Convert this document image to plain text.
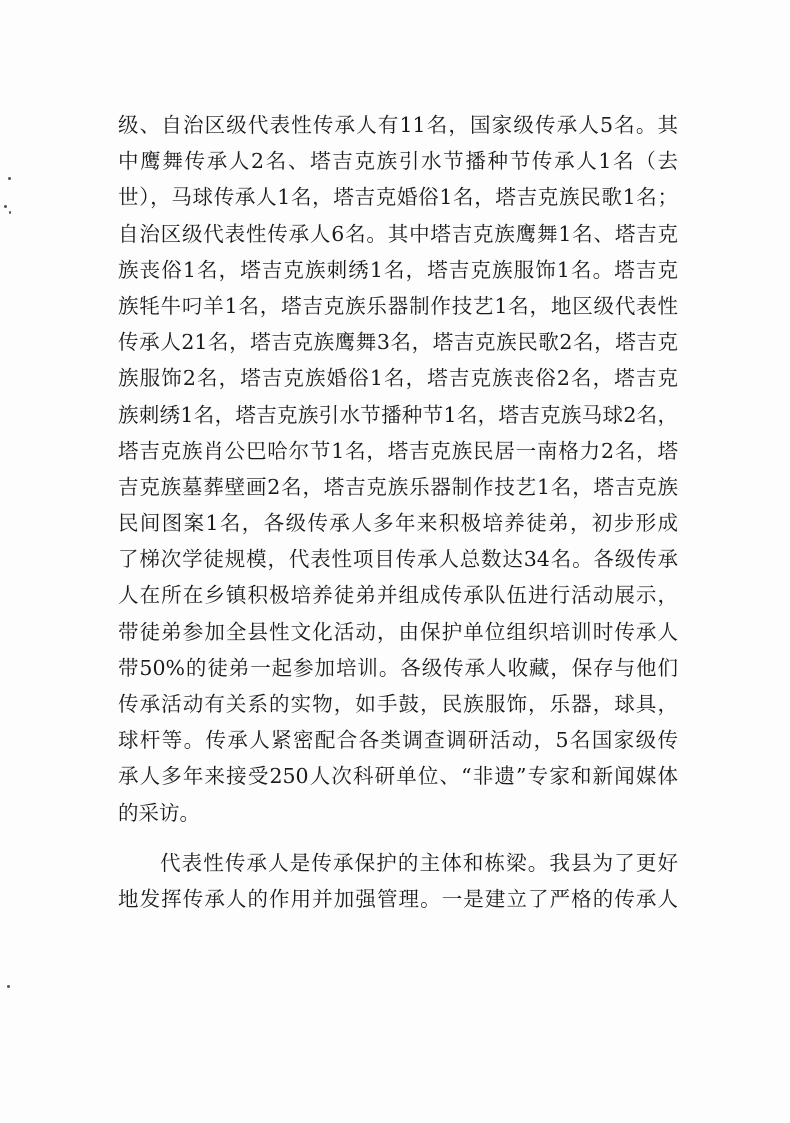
级、自治区级代表性传承人有11名，国家级传承人5名。其
中鹰舞传承人2名、塔吉克族引水节播种节传承人1名（去
世），马球传承人1名，塔吉克婚俗1名，塔吉克族民歌1名；
自治区级代表性传承人6名。其中塔吉克族鹰舞1名、塔吉克
族丧俗1名，塔吉克族刺绣1名，塔吉克族服饰1名。塔吉克
族牦牛叼羊1名，塔吉克族乐器制作技艺1名，地区级代表性
传承人21名，塔吉克族鹰舞3名，塔吉克族民歌2名，塔吉克
族服饰2名，塔吉克族婚俗1名，塔吉克族丧俗2名，塔吉克
族刺绣1名，塔吉克族引水节播种节1名，塔吉克族马球2名，
塔吉克族肖公巴哈尔节1名，塔吉克族民居一南格力2名，塔
吉克族墓葬壁画2名，塔吉克族乐器制作技艺1名，塔吉克族
民间图案1名，各级传承人多年来积极培养徒弟，初步形成
了梯次学徒规模，代表性项目传承人总数达34名。各级传承
人在所在乡镇积极培养徒弟并组成传承队伍进行活动展示，
带徒弟参加全县性文化活动，由保护单位组织培训时传承人
带50%的徒弟一起参加培训。各级传承人收藏，保存与他们
传承活动有关系的实物，如手鼓，民族服饰，乐器，球具，
球杆等。传承人紧密配合各类调查调研活动，5名国家级传
承人多年来接受250人次科研单位、“非遗”专家和新闻媒体
的采访。
代表性传承人是传承保护的主体和栋梁。我县为了更好
地发挥传承人的作用并加强管理。一是建立了严格的传承人
